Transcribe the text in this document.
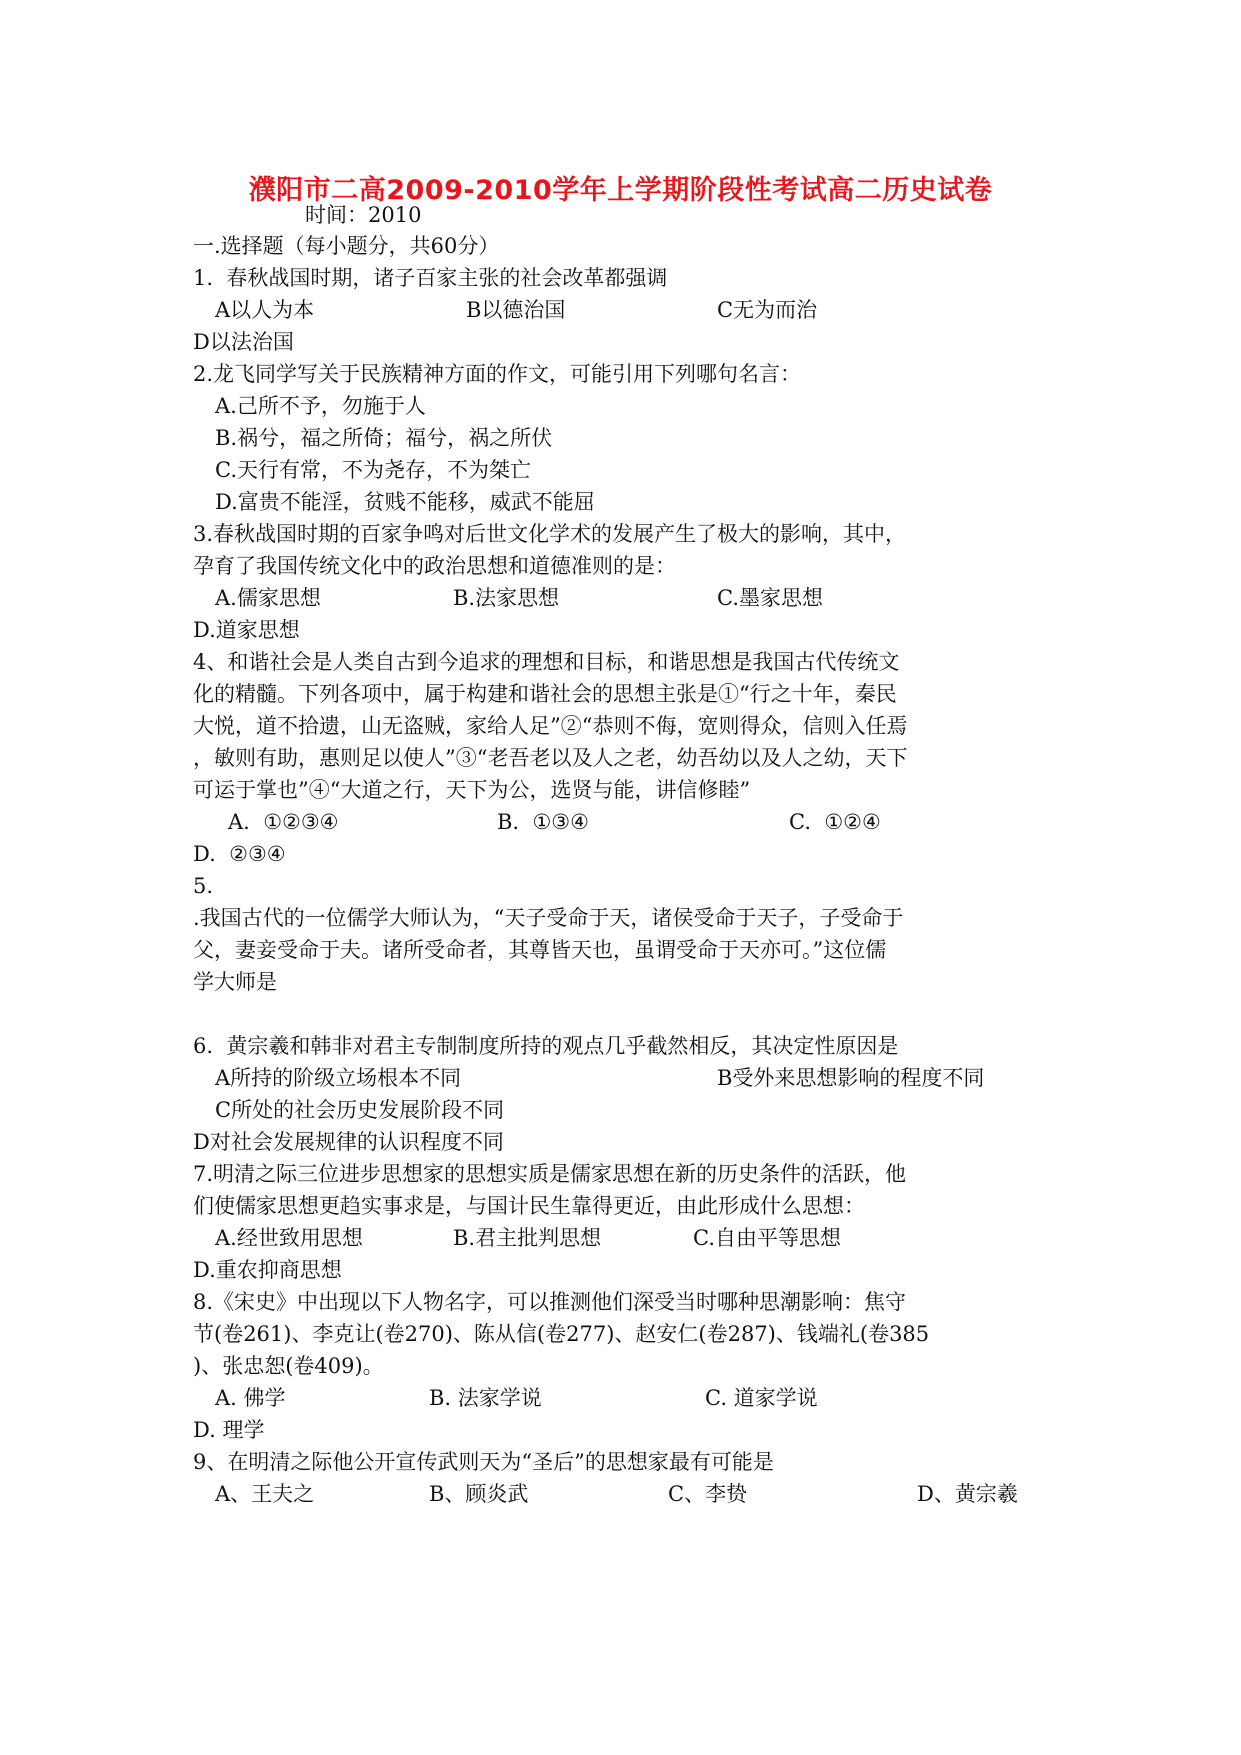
濮阳市二高2009-2010学年上学期阶段性考试高二历史试卷
时间：2010
一.选择题（每小题分，共60分）
1.  春秋战国时期，诸子百家主张的社会改革都强调
A以人为本	B以德治国	C无为而治
D以法治国
2.龙飞同学写关于民族精神方面的作文，可能引用下列哪句名言：
A.己所不予，勿施于人
B.祸兮，福之所倚；福兮，祸之所伏
C.天行有常，不为尧存，不为桀亡
D.富贵不能淫，贫贱不能移，威武不能屈
3.春秋战国时期的百家争鸣对后世文化学术的发展产生了极大的影响，其中，
孕育了我国传统文化中的政治思想和道德准则的是：
A.儒家思想	B.法家思想	C.墨家思想
D.道家思想
4、和谐社会是人类自古到今追求的理想和目标，和谐思想是我国古代传统文
化的精髓。下列各项中，属于构建和谐社会的思想主张是①“行之十年，秦民
大悦，道不拾遗，山无盗贼，家给人足”②“恭则不侮，宽则得众，信则入任焉
，敏则有助，惠则足以使人”③“老吾老以及人之老，幼吾幼以及人之幼，天下
可运于掌也”④“大道之行，天下为公，选贤与能，讲信修睦”
A.  ①②③④	B.  ①③④	C.  ①②④
D.  ②③④
5.
.我国古代的一位儒学大师认为，“天子受命于天，诸侯受命于天子，子受命于
父，妻妾受命于夫。诸所受命者，其尊皆天也，虽谓受命于天亦可。”这位儒
学大师是
6.  黄宗羲和韩非对君主专制制度所持的观点几乎截然相反，其决定性原因是
A所持的阶级立场根本不同	B受外来思想影响的程度不同
C所处的社会历史发展阶段不同
D对社会发展规律的认识程度不同
7.明清之际三位进步思想家的思想实质是儒家思想在新的历史条件的活跃，他
们使儒家思想更趋实事求是，与国计民生靠得更近，由此形成什么思想：
A.经世致用思想	B.君主批判思想	C.自由平等思想
D.重农抑商思想
8.《宋史》中出现以下人物名字，可以推测他们深受当时哪种思潮影响：焦守
节(卷261)、李克让(卷270)、陈从信(卷277)、赵安仁(卷287)、钱端礼(卷385
)、张忠恕(卷409)。
A. 佛学	B. 法家学说	C. 道家学说
D. 理学
9、在明清之际他公开宣传武则天为“圣后”的思想家最有可能是
A、王夫之	B、顾炎武	C、李贽	D、黄宗羲
